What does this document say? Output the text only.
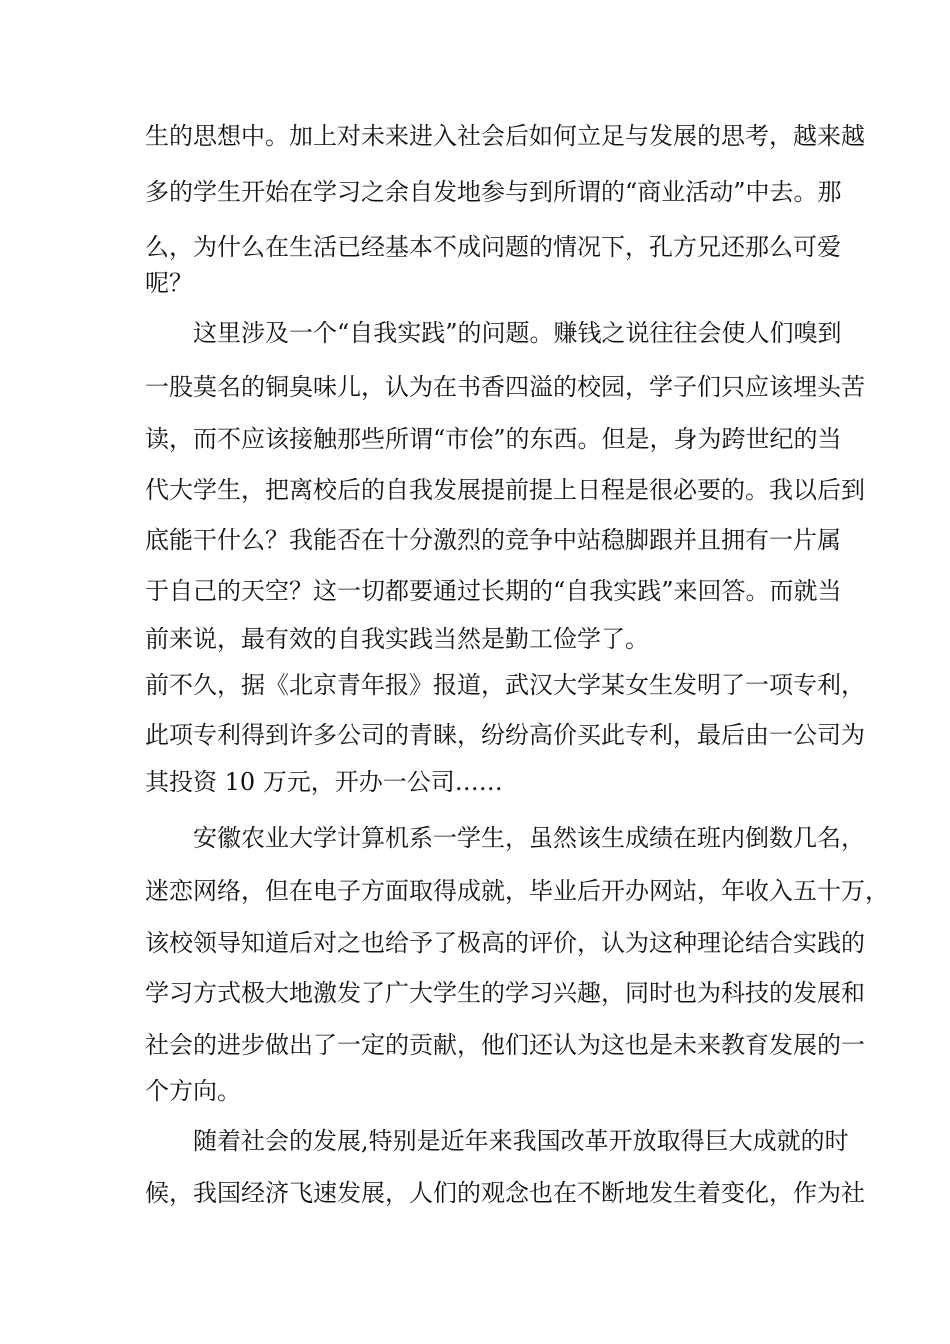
生的思想中。加上对未来进入社会后如何立足与发展的思考，越来越
多的学生开始在学习之余自发地参与到所谓的“商业活动”中去。那
么，为什么在生活已经基本不成问题的情况下，孔方兄还那么可爱
呢？
这里涉及一个“自我实践”的问题。赚钱之说往往会使人们嗅到
一股莫名的铜臭味儿，认为在书香四溢的校园，学子们只应该埋头苦
读，而不应该接触那些所谓“市侩”的东西。但是，身为跨世纪的当
代大学生，把离校后的自我发展提前提上日程是很必要的。我以后到
底能干什么？我能否在十分激烈的竞争中站稳脚跟并且拥有一片属
于自己的天空？这一切都要通过长期的“自我实践”来回答。而就当
前来说，最有效的自我实践当然是勤工俭学了。
前不久，据《北京青年报》报道，武汉大学某女生发明了一项专利，
此项专利得到许多公司的青睐，纷纷高价买此专利，最后由一公司为
其投资 10 万元，开办一公司……
安徽农业大学计算机系一学生，虽然该生成绩在班内倒数几名，
迷恋网络，但在电子方面取得成就，毕业后开办网站，年收入五十万，
该校领导知道后对之也给予了极高的评价，认为这种理论结合实践的
学习方式极大地激发了广大学生的学习兴趣，同时也为科技的发展和
社会的进步做出了一定的贡献，他们还认为这也是未来教育发展的一
个方向。
随着社会的发展,特别是近年来我国改革开放取得巨大成就的时
候，我国经济飞速发展，人们的观念也在不断地发生着变化，作为社
